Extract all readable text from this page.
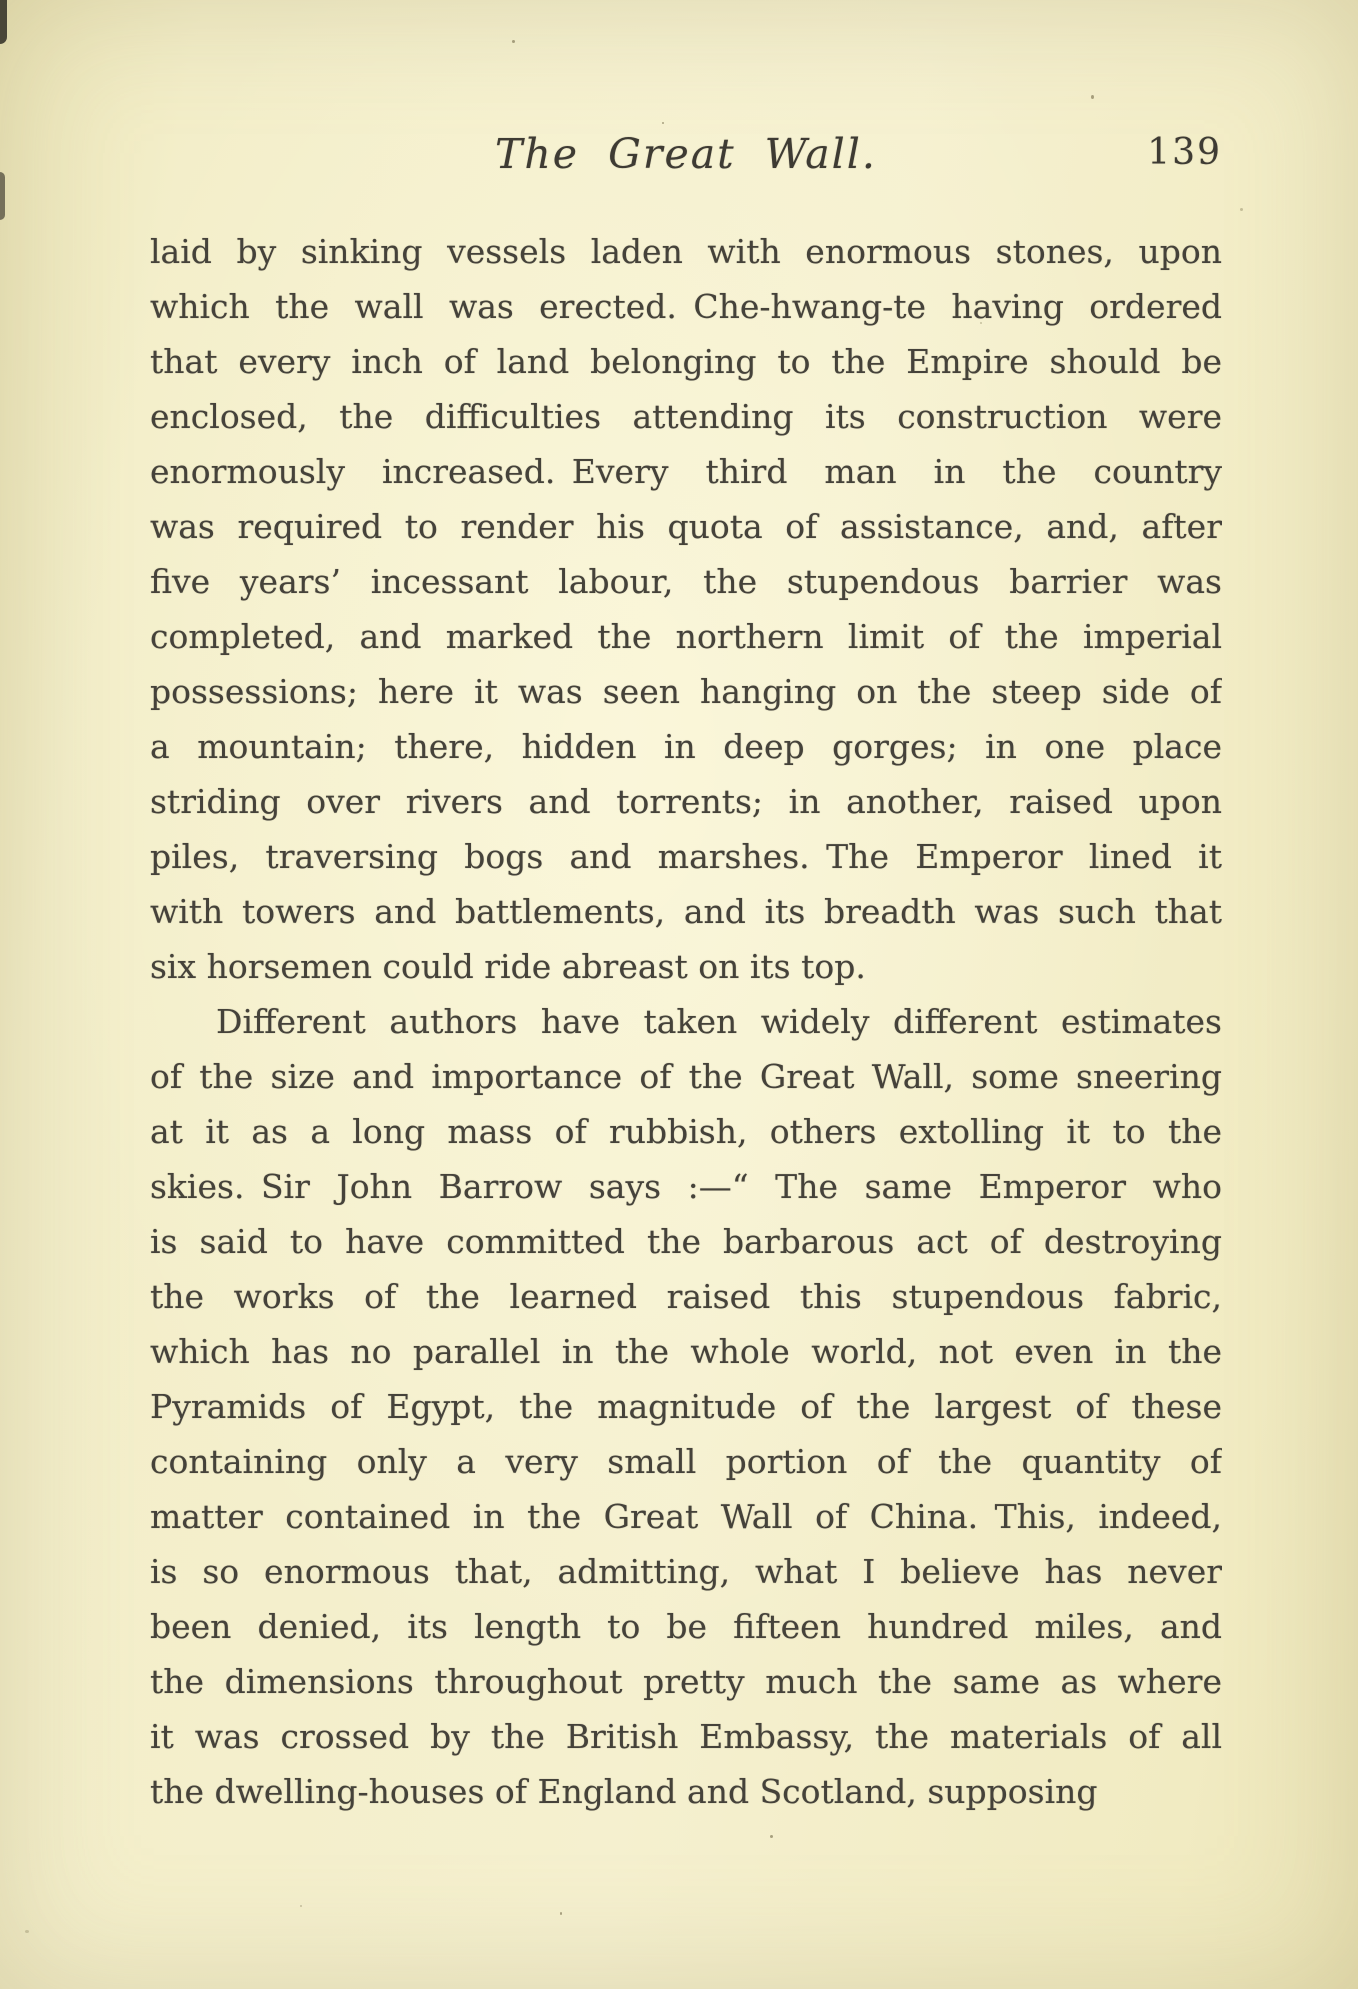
The Great Wall.	139
laid by sinking vessels laden with enormous stones, upon
which the wall was erected. Che-hwang-te having ordered
that every inch of land belonging to the Empire should be
enclosed, the difficulties attending its construction were
enormously increased. Every third man in the country
was required to render his quota of assistance, and, after
five years’ incessant labour, the stupendous barrier was
completed, and marked the northern limit of the imperial
possessions; here it was seen hanging on the steep side of
a mountain; there, hidden in deep gorges; in one place
striding over rivers and torrents; in another, raised upon
piles, traversing bogs and marshes. The Emperor lined it
with towers and battlements, and its breadth was such that
six horsemen could ride abreast on its top.
Different authors have taken widely different estimates
of the size and importance of the Great Wall, some sneering
at it as a long mass of rubbish, others extolling it to the
skies. Sir John Barrow says :—“ The same Emperor who
is said to have committed the barbarous act of destroying
the works of the learned raised this stupendous fabric,
which has no parallel in the whole world, not even in the
Pyramids of Egypt, the magnitude of the largest of these
containing only a very small portion of the quantity of
matter contained in the Great Wall of China. This, indeed,
is so enormous that, admitting, what I believe has never
been denied, its length to be fifteen hundred miles, and
the dimensions throughout pretty much the same as where
it was crossed by the British Embassy, the materials of all
the dwelling-houses of England and Scotland, supposing
